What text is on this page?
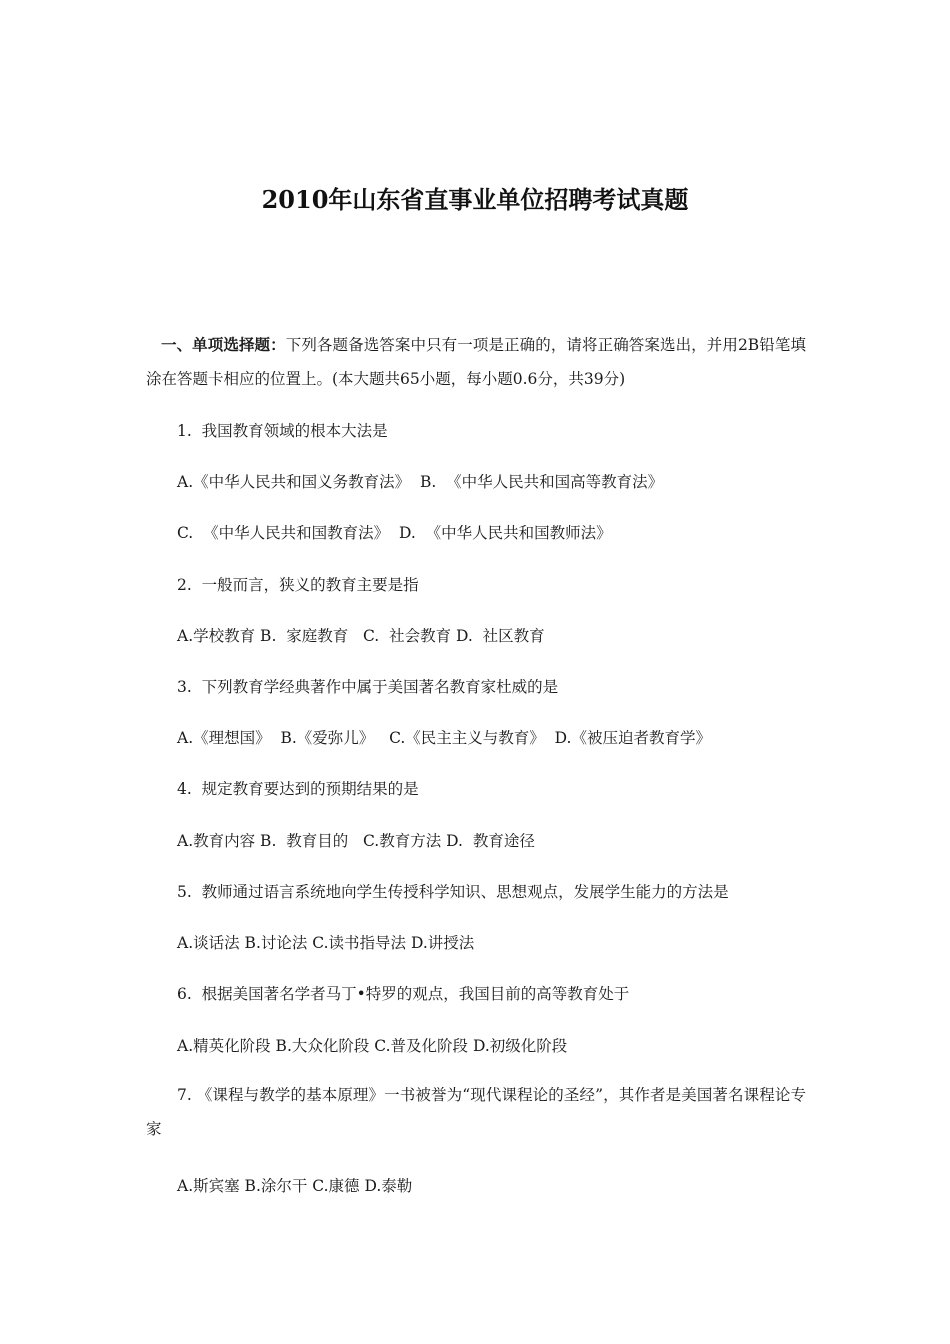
2010年山东省直事业单位招聘考试真题

一、单项选择题：下列各题备选答案中只有一项是正确的，请将正确答案选出，并用2B铅笔填涂在答题卡相应的位置上。(本大题共65小题，每小题0.6分，共39分)

1.  我国教育领域的根本大法是

A.《中华人民共和国义务教育法》  B.  《中华人民共和国高等教育法》

C.  《中华人民共和国教育法》  D.  《中华人民共和国教师法》

2.  一般而言，狭义的教育主要是指

A.学校教育 B.  家庭教育   C.  社会教育 D.  社区教育

3.  下列教育学经典著作中属于美国著名教育家杜威的是

A.《理想国》  B.《爱弥儿》   C.《民主主义与教育》  D.《被压迫者教育学》

4.  规定教育要达到的预期结果的是

A.教育内容 B.  教育目的   C.教育方法 D.  教育途径

5.  教师通过语言系统地向学生传授科学知识、思想观点，发展学生能力的方法是

A.谈话法 B.讨论法 C.读书指导法 D.讲授法

6.  根据美国著名学者马丁•特罗的观点，我国目前的高等教育处于

A.精英化阶段 B.大众化阶段 C.普及化阶段 D.初级化阶段

7. 《课程与教学的基本原理》一书被誉为“现代课程论的圣经”，其作者是美国著名课程论专家

A.斯宾塞 B.涂尔干 C.康德 D.泰勒
